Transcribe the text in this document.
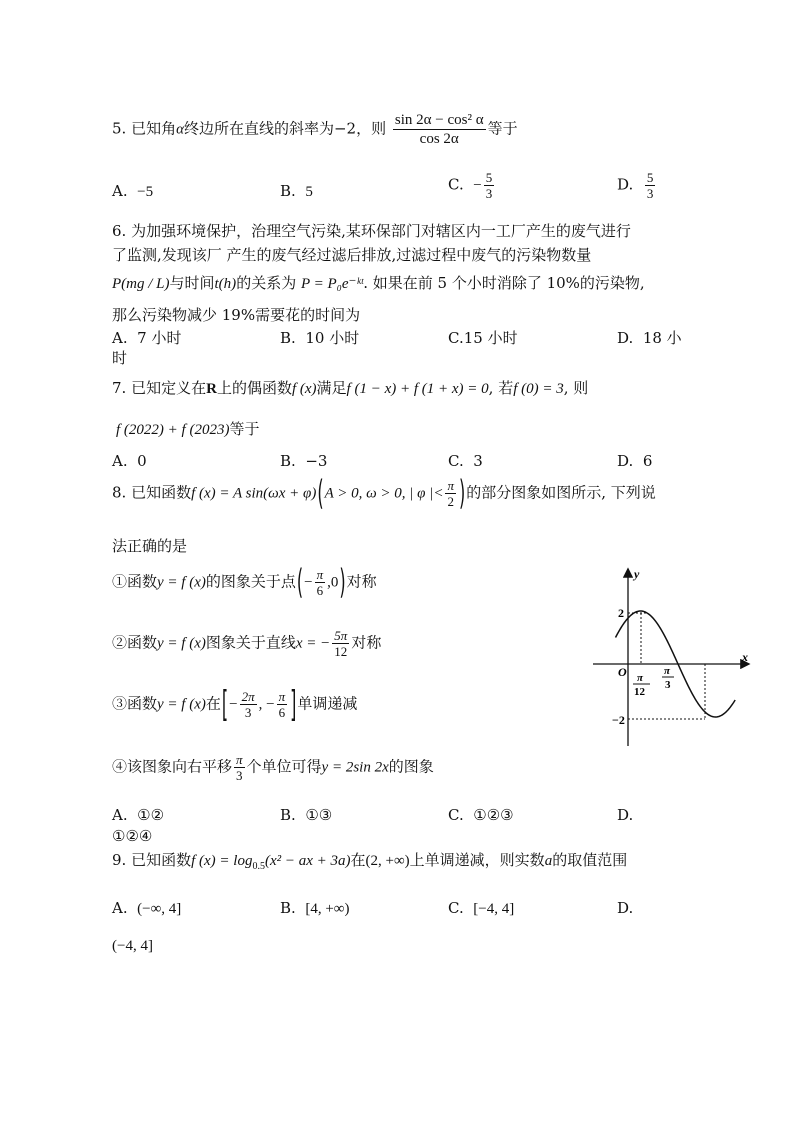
5. 已知角α终边所在直线的斜率为−2，则 $\frac{\text{sin 2α − cos² α}}{\cos 2\alpha}$ 等于
A. −5	B. 5	C. − $\frac{5}{3}$	D. $\frac{5}{3}$
6. 为加强环境保护，治理空气污染,某环保部门对辖区内一工厂产生的废气进行
了监测,发现该厂 产生的废气经过滤后排放,过滤过程中废气的污染物数量
P(mg / L)与时间t(h)的关系为 P = P₀e⁻ᵏᵗ. 如果在前 5 个小时消除了 10%的污染物,
那么污染物减少 19%需要花的时间为
A. 7 小时	B. 10 小时	C.15 小时	D. 18 小
时
7. 已知定义在R上的偶函数f (x)满足f (1 − x) + f (1 + x) = 0, 若f (0) = 3, 则
f (2022) + f (2023)等于
A. 0	B. −3	C. 3	D. 6
8. 已知函数f (x) = A sin(ωx + φ)(A > 0, ω > 0, | φ |< $\frac{\pi}{2}$ )的部分图象如图所示, 下列说
法正确的是
①函数y = f (x)的图象关于点(− $\frac{\pi}{6} ,0$)对称
②函数y = f (x)图象关于直线x = − $\frac{5\pi}{12}$ 对称
③函数y = f (x)在[− $\frac{2\pi}{3}$ , − $\frac{\pi}{6}$ ]单调递减
④该图象向右平移 $\frac{\pi}{3}$ 个单位可得y = 2sin 2x的图象
A. ①②	B. ①③	C. ①②③	D.
①②④
y
x
O
2
−2
π
12
π
3
9. 已知函数f $(x) = \log_{0.5}(x^2$ − ax + 3a)在(2, +∞)上单调递减，则实数a的取值范围
A. (−∞, 4]	B. [4, +∞)	C. [−4, 4]	D.
(−4, 4]
